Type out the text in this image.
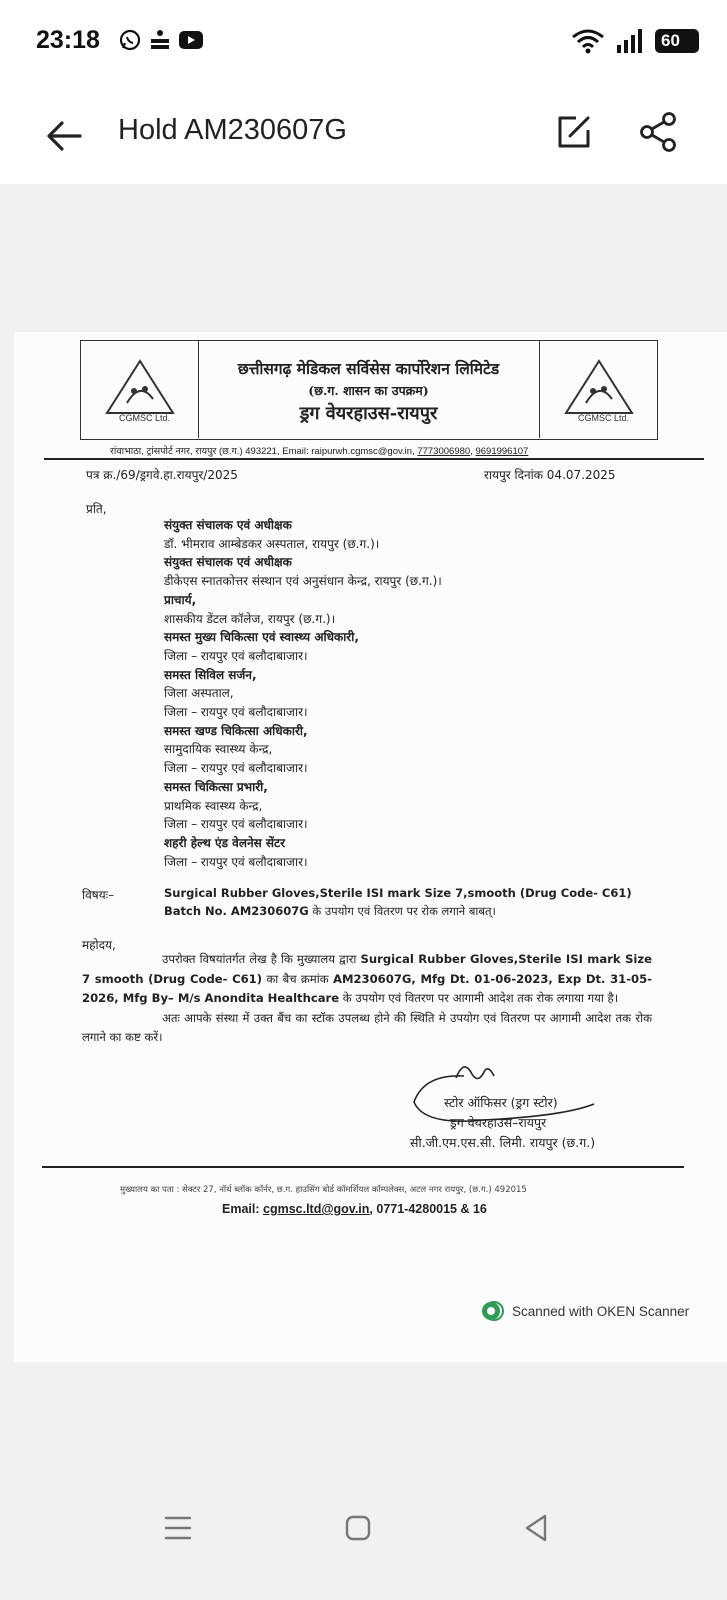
23:18	60
Hold AM230607G
CGMSC Ltd.
छत्तीसगढ़ मेडिकल सर्विसेस कार्पोरेशन लिमिटेड
(छ.ग. शासन का उपक्रम)
ड्रग वेयरहाउस-रायपुर	CGMSC Ltd.
रांवाभाठा, ट्रांसपोर्ट नगर, रायपुर (छ.ग.) 493221, Email: raipurwh.cgmsc@gov.in, 7773006980, 9691996107
पत्र क्र./69/ड्रगवे.हा.रायपुर/2025	रायपुर दिनांक 04.07.2025
प्रति,
संयुक्त संचालक एवं अधीक्षक
डॉ. भीमराव आम्बेडकर अस्पताल, रायपुर (छ.ग.)।
संयुक्त संचालक एवं अधीक्षक
डीकेएस स्नातकोत्तर संस्थान एवं अनुसंधान केन्द्र, रायपुर (छ.ग.)।
प्राचार्य,
शासकीय डेंटल कॉलेज, रायपुर (छ.ग.)।
समस्त मुख्य चिकित्सा एवं स्वास्थ्य अधिकारी,
जिला – रायपुर एवं बलौदाबाजार।
समस्त सिविल सर्जन,
जिला अस्पताल,
जिला – रायपुर एवं बलौदाबाजार।
समस्त खण्ड चिकित्सा अधिकारी,
सामुदायिक स्वास्थ्य केन्द्र,
जिला – रायपुर एवं बलौदाबाजार।
समस्त चिकित्सा प्रभारी,
प्राथमिक स्वास्थ्य केन्द्र,
जिला – रायपुर एवं बलौदाबाजार।
शहरी हेल्थ एंड वेलनेस सेंटर
जिला – रायपुर एवं बलौदाबाजार।
विषयः–	Surgical Rubber Gloves,Sterile ISI mark Size 7,smooth (Drug Code- C61) Batch No. AM230607G के उपयोग एवं वितरण पर रोक लगाने बाबत्।
महोदय,
उपरोक्त विषयांतर्गत लेख है कि मुख्यालय द्वारा Surgical Rubber Gloves,Sterile ISI mark Size 7 smooth (Drug Code- C61) का बैच क्रमांक AM230607G, Mfg Dt. 01-06-2023, Exp Dt. 31-05-2026, Mfg By– M/s Anondita Healthcare के उपयोग एवं वितरण पर आगामी आदेश तक रोक लगाया गया है।
अतः आपके संस्था में उक्त बैंच का स्टॉक उपलब्ध होने की स्थिति मे उपयोग एवं वितरण पर आगामी आदेश तक रोक लगाने का कष्ट करें।
स्टोर ऑफिसर (ड्रग स्टोर)
ड्रग वेयरहाउस–रायपुर
सी.जी.एम.एस.सी. लिमी. रायपुर (छ.ग.)
मुख्यालय का पता : सेक्टर 27, नॉर्थ ब्लॉक कॉर्नर, छ.ग. हाउसिंग बोर्ड कॉमर्शियल कॉम्पलेक्स, अटल नगर रायपुर, (छ.ग.) 492015
Email: cgmsc.ltd@gov.in, 0771-4280015 & 16
Scanned with OKEN Scanner
